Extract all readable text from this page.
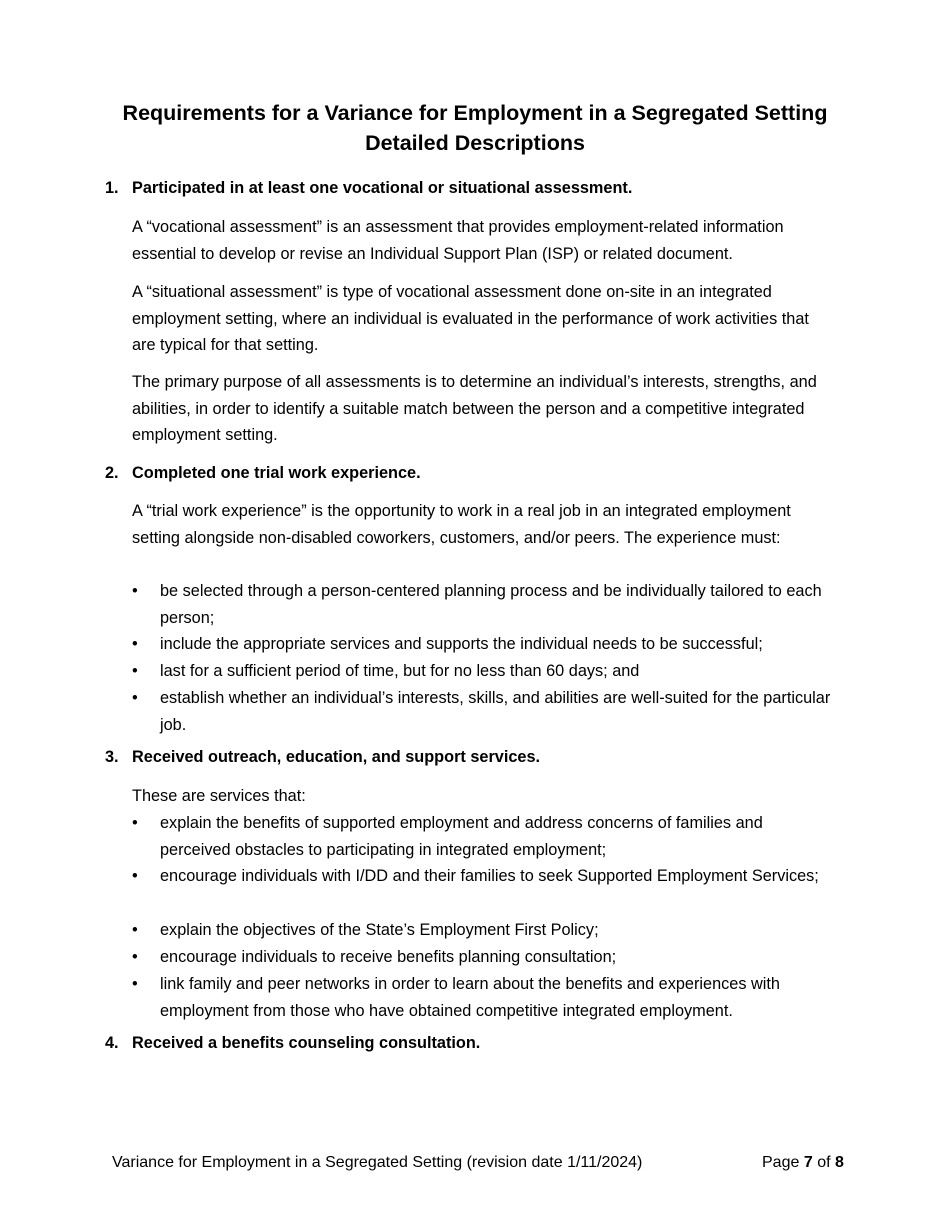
Requirements for a Variance for Employment in a Segregated Setting
Detailed Descriptions
1. Participated in at least one vocational or situational assessment.

A “vocational assessment” is an assessment that provides employment-related information essential to develop or revise an Individual Support Plan (ISP) or related document.

A “situational assessment” is type of vocational assessment done on-site in an integrated employment setting, where an individual is evaluated in the performance of work activities that are typical for that setting.

The primary purpose of all assessments is to determine an individual’s interests, strengths, and abilities, in order to identify a suitable match between the person and a competitive integrated employment setting.

2. Completed one trial work experience.

A “trial work experience” is the opportunity to work in a real job in an integrated employment setting alongside non-disabled coworkers, customers, and/or peers. The experience must:

•	be selected through a person-centered planning process and be individually tailored to each person;
•	include the appropriate services and supports the individual needs to be successful;
•	last for a sufficient period of time, but for no less than 60 days; and
•	establish whether an individual’s interests, skills, and abilities are well-suited for the particular job.
3. Received outreach, education, and support services.

These are services that:

•	explain the benefits of supported employment and address concerns of families and perceived obstacles to participating in integrated employment;
•	encourage individuals with I/DD and their families to seek Supported Employment Services;
•	explain the objectives of the State’s Employment First Policy;
•	encourage individuals to receive benefits planning consultation;
•	link family and peer networks in order to learn about the benefits and experiences with employment from those who have obtained competitive integrated employment.
4. Received a benefits counseling consultation.
Variance for Employment in a Segregated Setting (revision date 1/11/2024)	Page 7 of 8
